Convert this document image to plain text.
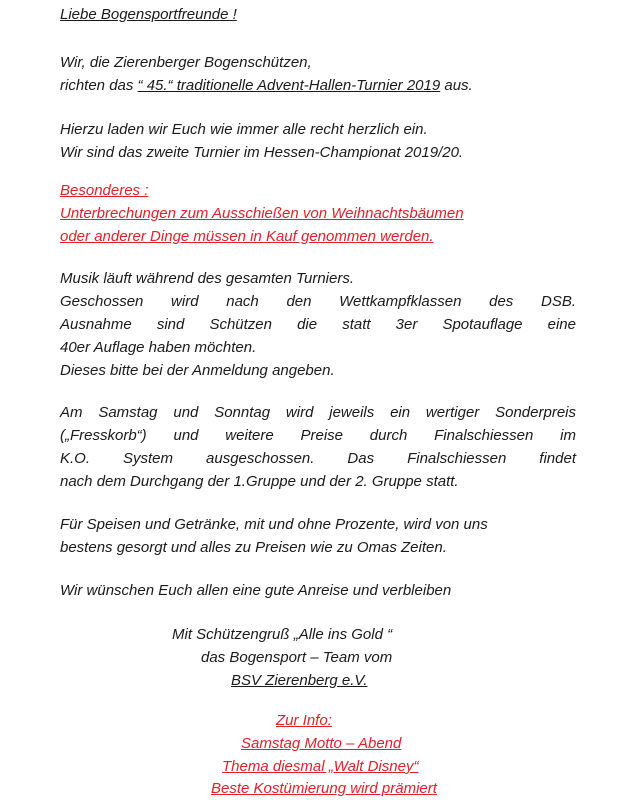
Liebe Bogensportfreunde !
Wir, die Zierenberger Bogenschützen,
richten das “ 45.“ traditionelle Advent-Hallen-Turnier 2019 aus.
Hierzu laden wir Euch wie immer alle recht herzlich ein.
Wir sind das zweite Turnier im Hessen-Championat 2019/20.
Besonderes :
Unterbrechungen zum Ausschießen von Weihnachtsbäumen
oder anderer Dinge müssen in Kauf genommen werden.
Musik läuft während des gesamten Turniers.
Geschossen wird nach den Wettkampfklassen des DSB.
Ausnahme sind Schützen die statt 3er Spotauflage eine
40er Auflage haben möchten.
Dieses bitte bei der Anmeldung angeben.
Am Samstag und Sonntag wird jeweils ein wertiger Sonderpreis
(„Fresskorb“) und weitere Preise durch Finalschiessen im
K.O. System ausgeschossen. Das Finalschiessen findet
nach dem Durchgang der 1.Gruppe und der 2. Gruppe statt.
Für Speisen und Getränke, mit und ohne Prozente, wird von uns
bestens gesorgt und alles zu Preisen wie zu Omas Zeiten.
Wir wünschen Euch allen eine gute Anreise und verbleiben
Mit Schützengruß „Alle ins Gold “
das Bogensport – Team vom
BSV Zierenberg e.V.
Zur Info:
Samstag Motto – Abend
Thema diesmal „Walt Disney“
Beste Kostümierung wird prämiert
